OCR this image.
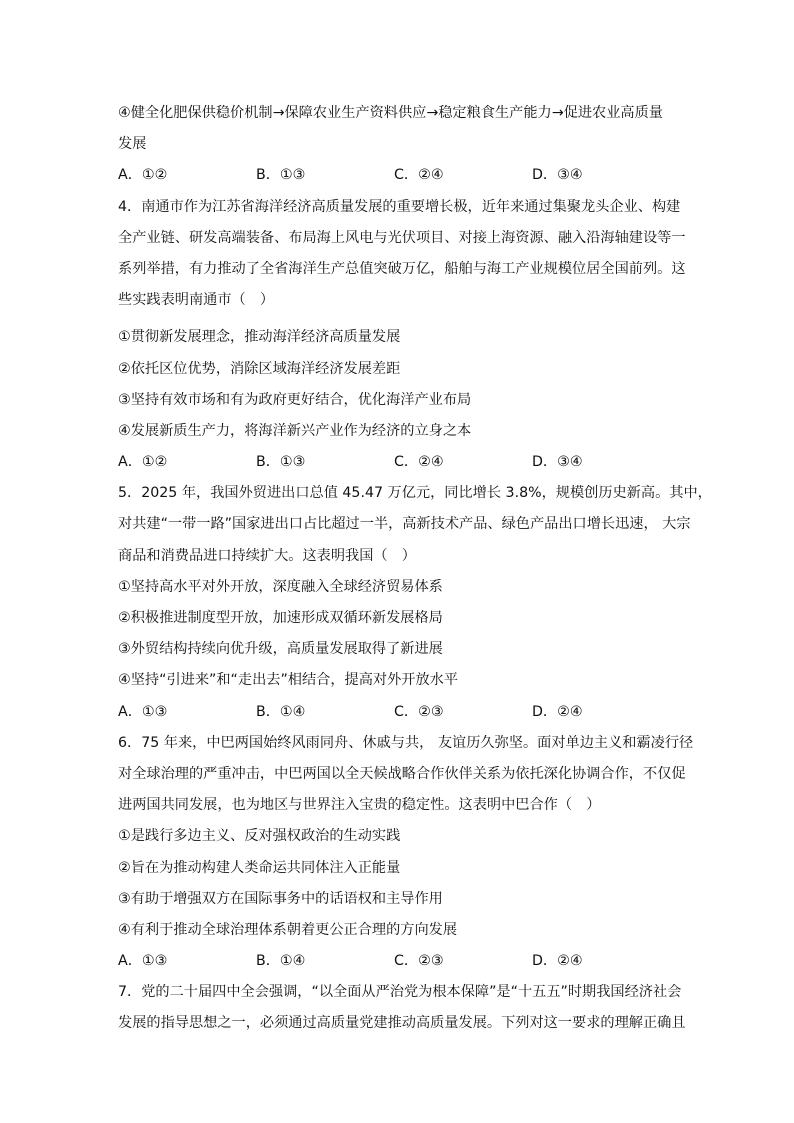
④健全化肥保供稳价机制→保障农业生产资料供应→稳定粮食生产能力→促进农业高质量
发展
A．①②	B．①③	C．②④	D．③④
4．南通市作为江苏省海洋经济高质量发展的重要增长极，近年来通过集聚龙头企业、构建
全产业链、研发高端装备、布局海上风电与光伏项目、对接上海资源、融入沿海轴建设等一
系列举措，有力推动了全省海洋生产总值突破万亿，船舶与海工产业规模位居全国前列。这
些实践表明南通市（　）
①贯彻新发展理念，推动海洋经济高质量发展
②依托区位优势，消除区域海洋经济发展差距
③坚持有效市场和有为政府更好结合，优化海洋产业布局
④发展新质生产力，将海洋新兴产业作为经济的立身之本
A．①②	B．①③	C．②④	D．③④
5．2025 年，我国外贸进出口总值 45.47 万亿元，同比增长 3.8%，规模创历史新高。其中，
对共建“一带一路”国家进出口占比超过一半，高新技术产品、绿色产品出口增长迅速， 大宗
商品和消费品进口持续扩大。这表明我国（　）
①坚持高水平对外开放，深度融入全球经济贸易体系
②积极推进制度型开放，加速形成双循环新发展格局
③外贸结构持续向优升级，高质量发展取得了新进展
④坚持“引进来”和“走出去”相结合，提高对外开放水平
A．①③	B．①④	C．②③	D．②④
6．75 年来，中巴两国始终风雨同舟、休戚与共， 友谊历久弥坚。面对单边主义和霸凌行径
对全球治理的严重冲击，中巴两国以全天候战略合作伙伴关系为依托深化协调合作，不仅促
进两国共同发展，也为地区与世界注入宝贵的稳定性。这表明中巴合作（　）
①是践行多边主义、反对强权政治的生动实践
②旨在为推动构建人类命运共同体注入正能量
③有助于增强双方在国际事务中的话语权和主导作用
④有利于推动全球治理体系朝着更公正合理的方向发展
A．①③	B．①④	C．②③	D．②④
7．党的二十届四中全会强调，“以全面从严治党为根本保障”是“十五五”时期我国经济社会
发展的指导思想之一，必须通过高质量党建推动高质量发展。下列对这一要求的理解正确且
